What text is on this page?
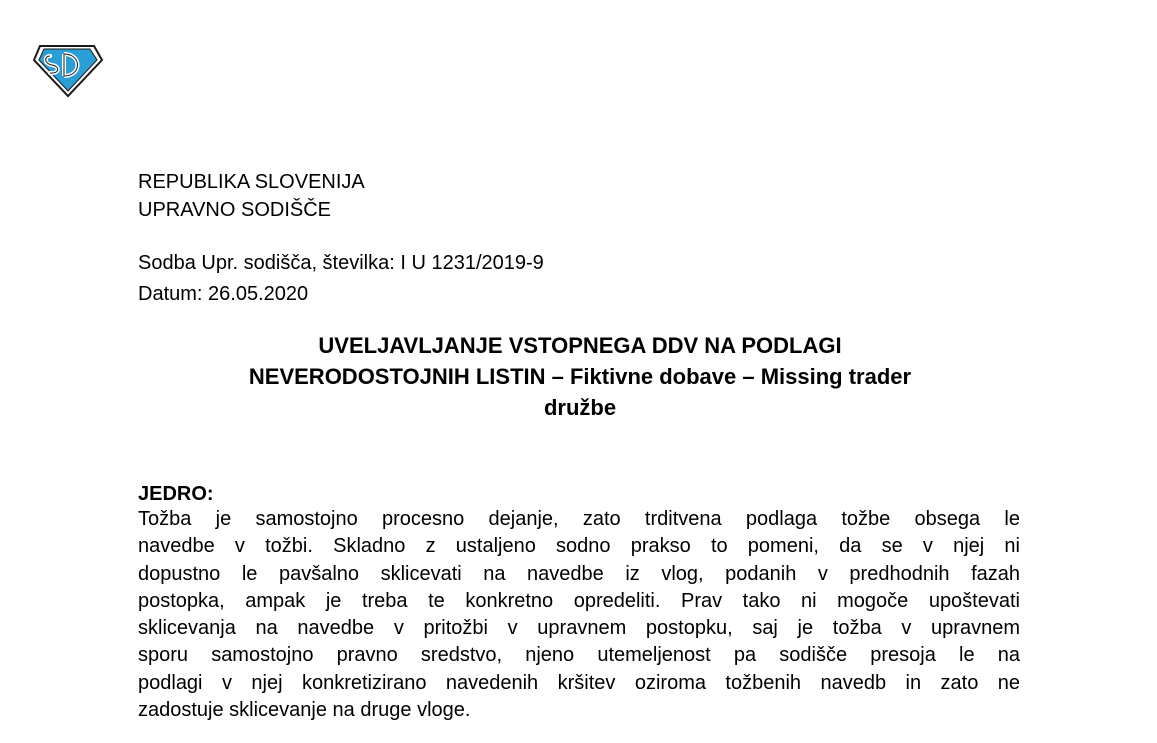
REPUBLIKA SLOVENIJA
UPRAVNO SODIŠČE
Sodba Upr. sodišča, številka: I U 1231/2019-9
Datum: 26.05.2020
UVELJAVLJANJE VSTOPNEGA DDV NA PODLAGI
NEVERODOSTOJNIH LISTIN – Fiktivne dobave – Missing trader
družbe
JEDRO:
Tožba je samostojno procesno dejanje, zato trditvena podlaga tožbe obsega le
navedbe v tožbi. Skladno z ustaljeno sodno prakso to pomeni, da se v njej ni
dopustno le pavšalno sklicevati na navedbe iz vlog, podanih v predhodnih fazah
postopka, ampak je treba te konkretno opredeliti. Prav tako ni mogoče upoštevati
sklicevanja na navedbe v pritožbi v upravnem postopku, saj je tožba v upravnem
sporu samostojno pravno sredstvo, njeno utemeljenost pa sodišče presoja le na
podlagi v njej konkretizirano navedenih kršitev oziroma tožbenih navedb in zato ne
zadostuje sklicevanje na druge vloge.
